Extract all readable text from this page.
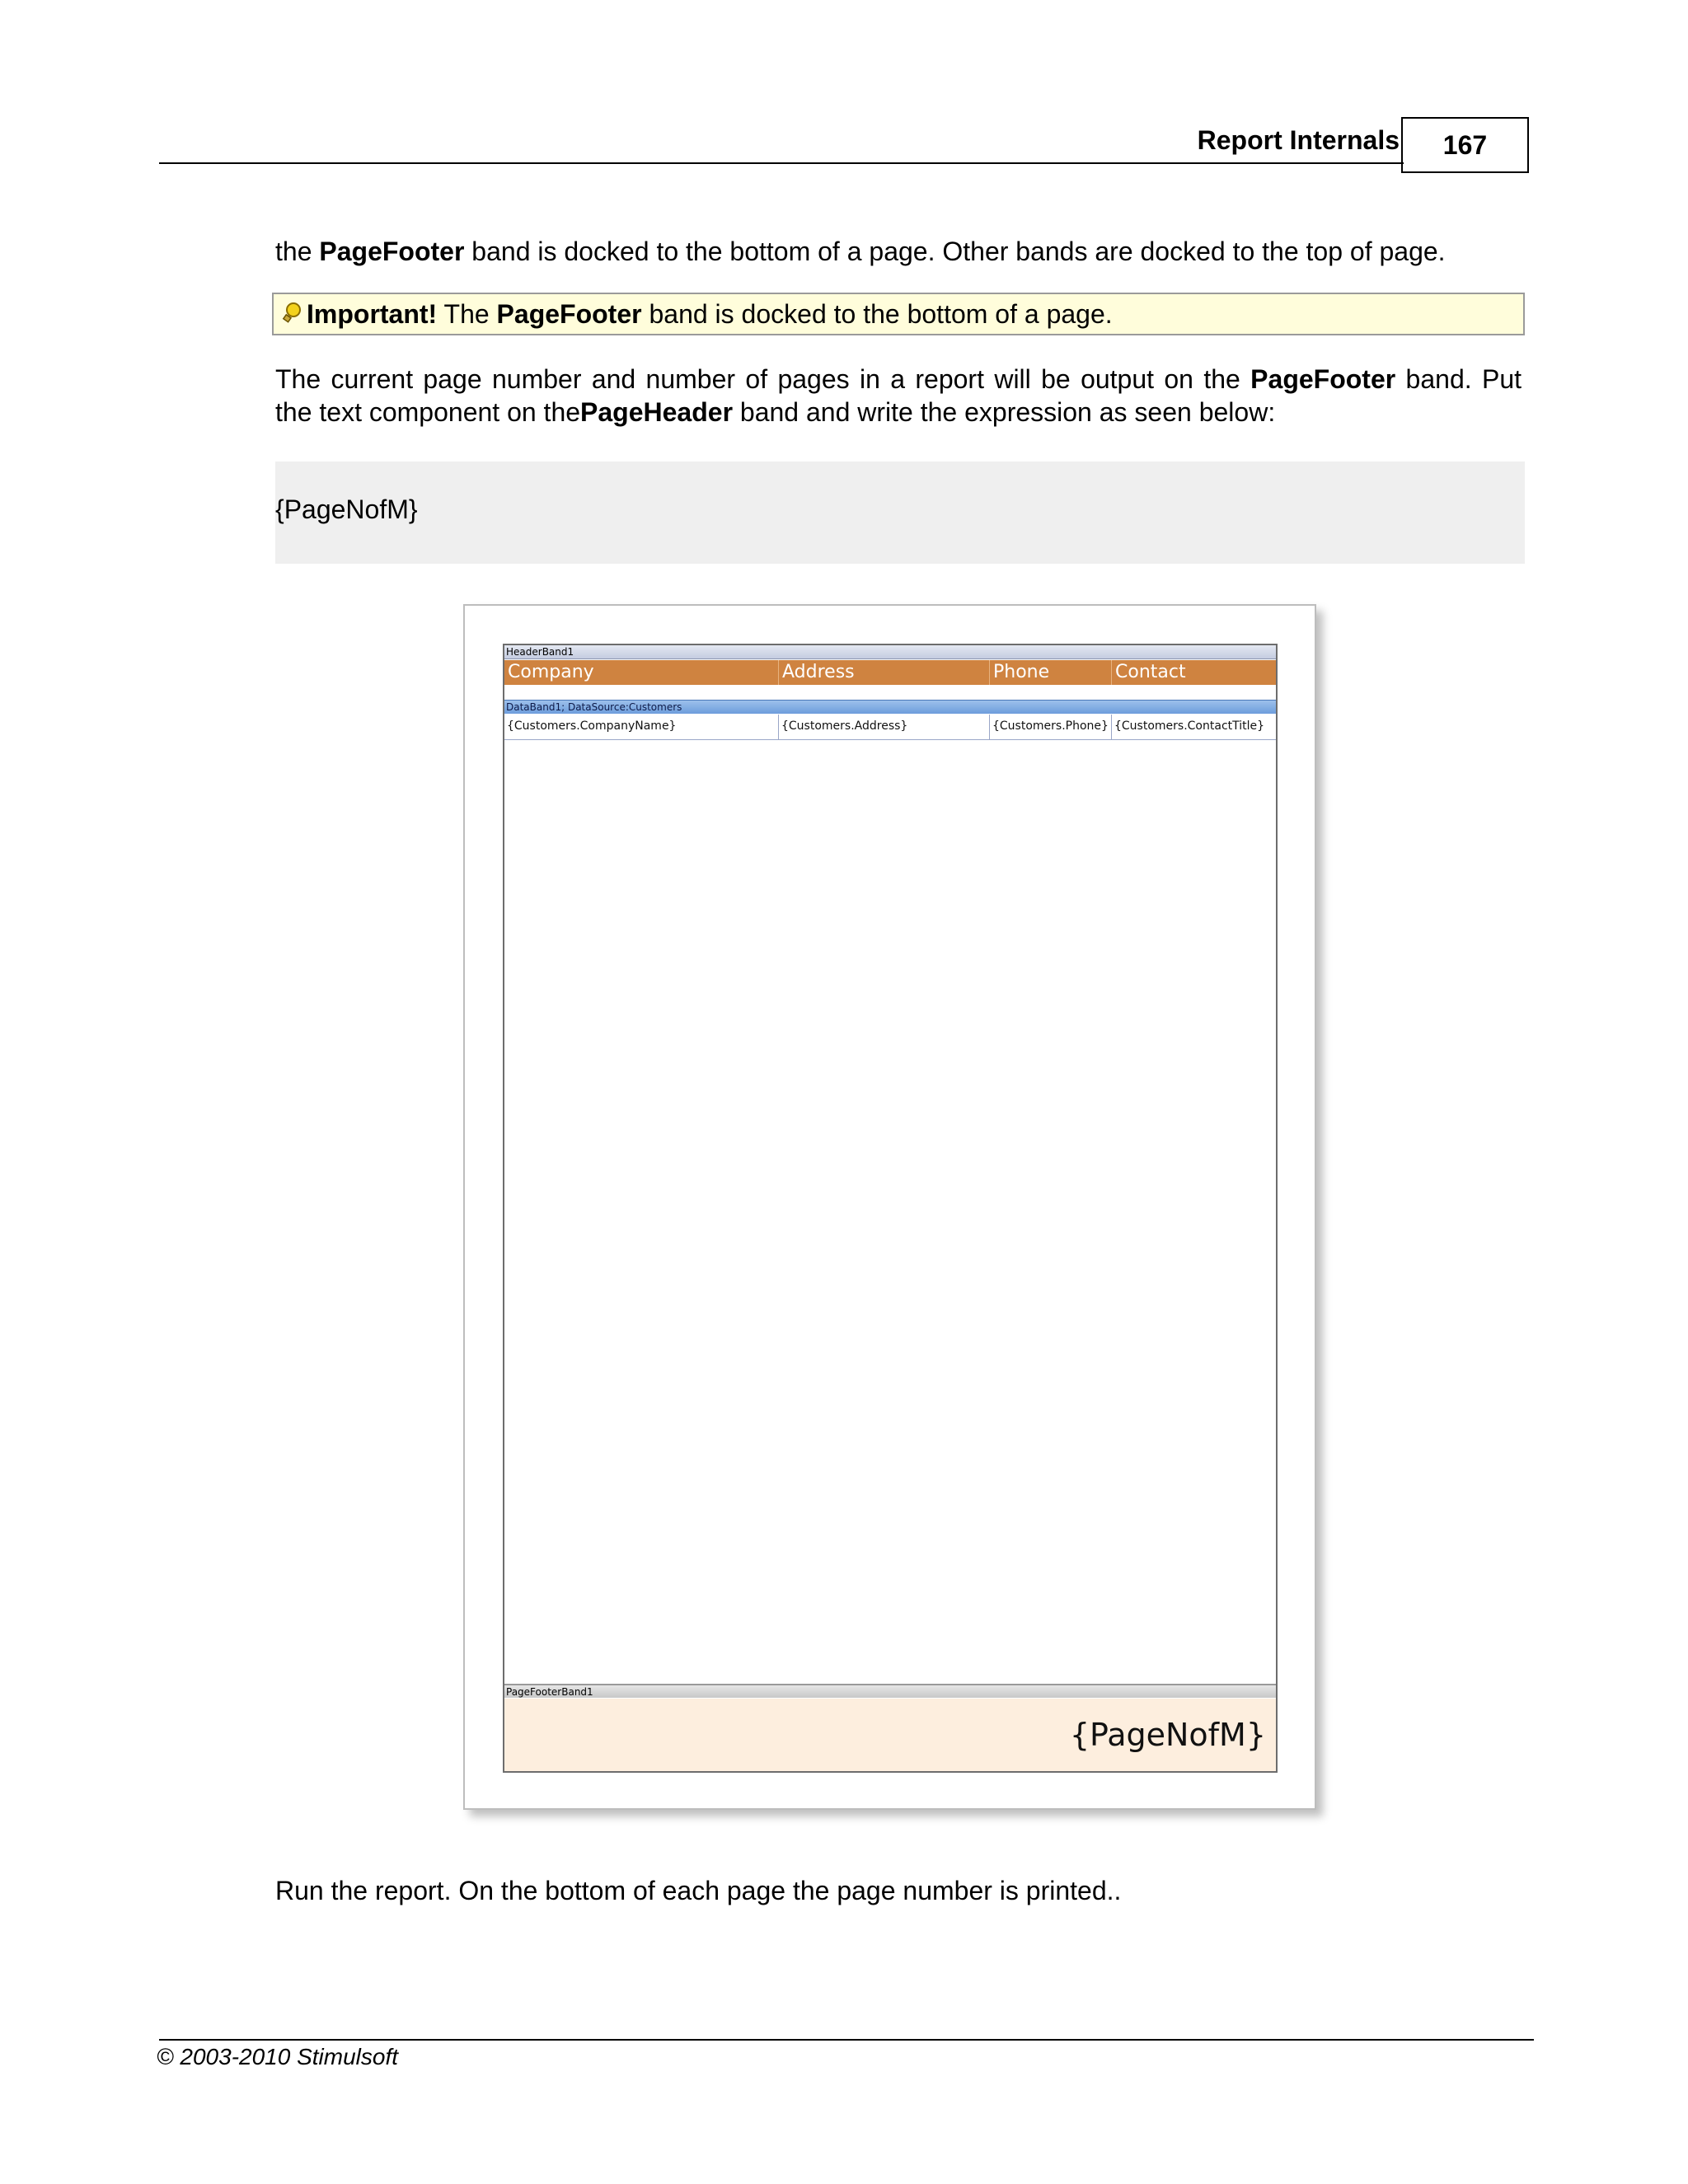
Report Internals 167
the PageFooter band is docked to the bottom of a page. Other bands are docked to the top of page.
Important! The PageFooter band is docked to the bottom of a page.
The current page number and number of pages in a report will be output on the PageFooter band. Put
the text component on thePageHeader band and write the expression as seen below:
{PageNofM}
HeaderBand1
Company	Address	Phone	Contact
DataBand1; DataSource:Customers
{Customers.CompanyName}	{Customers.Address}	{Customers.Phone} {Customers.ContactTitle}
PageFooterBand1
{PageNofM}
Run the report. On the bottom of each page the page number is printed..
© 2003-2010 Stimulsoft
